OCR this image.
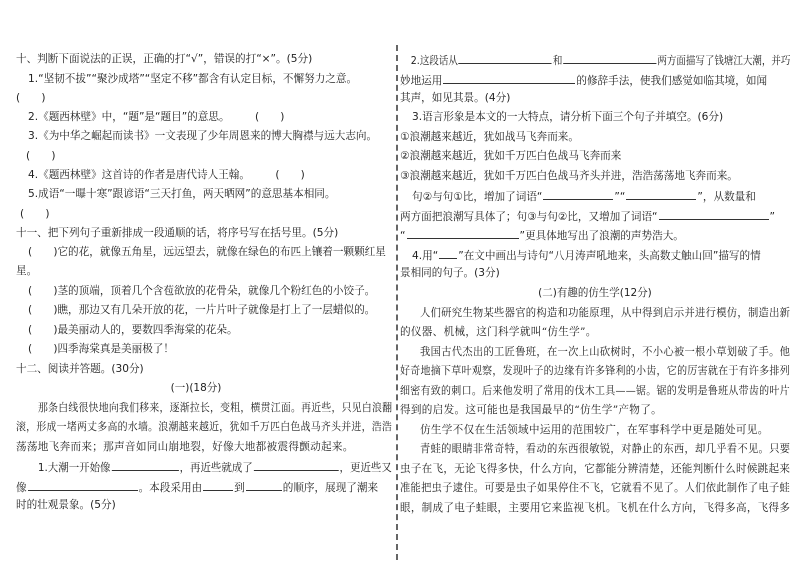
十、判断下面说法的正误，正确的打“√”，错误的打“×”。(5分)
1.“坚韧不拔”“聚沙成塔”“坚定不移”都含有认定目标，不懈努力之意。
(　　)
2.《题西林壁》中，“题”是“题目”的意思。 (　　)
3.《为中华之崛起而读书》一文表现了少年周恩来的博大胸襟与远大志向。
(　　)
4.《题西林壁》这首诗的作者是唐代诗人王翰。 (　　)
5.成语“一曝十寒”跟谚语“三天打鱼，两天晒网”的意思基本相同。
(　　)
十一、把下列句子重新排成一段通顺的话，将序号写在括号里。(5分)
(　　)它的花，就像五角星，远远望去，就像在绿色的布匹上镶着一颗颗红星
星。
(　　)茎的顶端，顶着几个含苞欲放的花骨朵，就像几个粉红色的小饺子。
(　　)瞧，那边又有几朵开放的花，一片片叶子就像是打上了一层蜡似的。
(　　)最美丽动人的，要数四季海棠的花朵。
(　　)四季海棠真是美丽极了！
十二、阅读并答题。(30分)
(一)(18分)
那条白线很快地向我们移来，逐渐拉长，变粗，横贯江面。再近些，只见白浪翻
滚，形成一堵两丈多高的水墙。浪潮越来越近，犹如千万匹白色战马齐头并进，浩浩
荡荡地飞奔而来；那声音如同山崩地裂，好像大地都被震得颤动起来。
1.大潮一开始像	，再近些就成了	，更近些又
像	。本段采用由	到	的顺序，展现了潮来
时的壮观景象。(5分)
2.这段话从	和	两方面描写了钱塘江大潮，并巧
妙地运用	的修辞手法，使我们感觉如临其境，如闻
其声，如见其景。(4分)
3.语言形象是本文的一大特点，请分析下面三个句子并填空。(6分)
①浪潮越来越近，犹如战马飞奔而来。
②浪潮越来越近，犹如千万匹白色战马飞奔而来
③浪潮越来越近，犹如千万匹白色战马齐头并进，浩浩荡荡地飞奔而来。
句②与句①比，增加了词语“	”“	”，从数量和
两方面把浪潮写具体了；句③与句②比，又增加了词语“	”
“	”更具体地写出了浪潮的声势浩大。
4.用“ ”在文中画出与诗句“八月涛声吼地来，头高数丈触山回”描写的情
景相同的句子。(3分)
(二)有趣的仿生学(12分)
人们研究生物某些器官的构造和功能原理，从中得到启示并进行模仿，制造出新
的仪器、机械，这门科学就叫“仿生学”。
我国古代杰出的工匠鲁班，在一次上山砍树时，不小心被一根小草划破了手。他
好奇地摘下草叶观察，发现叶子的边缘有许多锋利的小齿，它的厉害就在于有许多排列
细密有致的刺口。后来他发明了常用的伐木工具——锯。锯的发明是鲁班从带齿的叶片
得到的启发。这可能也是我国最早的“仿生学”产物了。
仿生学不仅在生活领域中运用的范围较广，在军事科学中更是随处可见。
青蛙的眼睛非常奇特，看动的东西很敏锐，对静止的东西，却几乎看不见。只要
虫子在飞，无论飞得多快，什么方向，它都能分辨清楚，还能判断什么时候跳起来
准能把虫子逮住。可要是虫子如果停住不飞，它就看不见了。人们依此制作了电子蛙
眼，制成了电子蛙眼，主要用它来监视飞机。飞机在什么方向，飞得多高，飞得多
